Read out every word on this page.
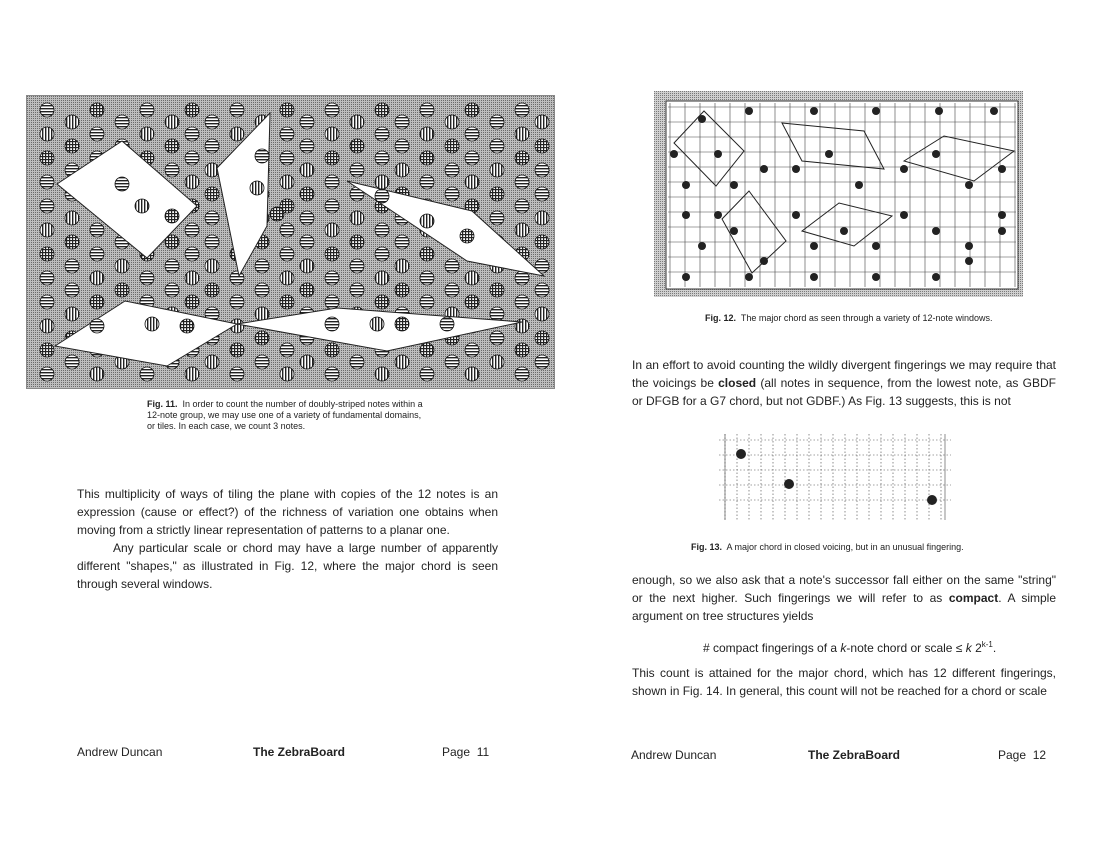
Fig. 11. In order to count the number of doubly-striped notes within a 12-note group, we may use one of a variety of fundamental domains, or tiles. In each case, we count 3 notes.
This multiplicity of ways of tiling the plane with copies of the 12 notes is an expression (cause or effect?) of the richness of variation one obtains when moving from a strictly linear representation of patterns to a planar one.
Any particular scale or chord may have a large number of apparently different "shapes," as illustrated in Fig. 12, where the major chord is seen through several windows.
Andrew Duncan	The ZebraBoard	Page  11
Fig. 12. The major chord as seen through a variety of 12-note windows.
In an effort to avoid counting the wildly divergent fingerings we may require that the voicings be closed (all notes in sequence, from the lowest note, as GBDF or DFGB for a G7 chord, but not GDBF.) As Fig. 13 suggests, this is not
Fig. 13. A major chord in closed voicing, but in an unusual fingering.
enough, so we also ask that a note's successor fall either on the same "string" or the next higher. Such fingerings we will refer to as compact. A simple argument on tree structures yields
# compact fingerings of a k-note chord or scale ≤ k 2$^{k-1}$.
This count is attained for the major chord, which has 12 different fingerings, shown in Fig. 14. In general, this count will not be reached for a chord or scale
Andrew Duncan	The ZebraBoard	Page  12
